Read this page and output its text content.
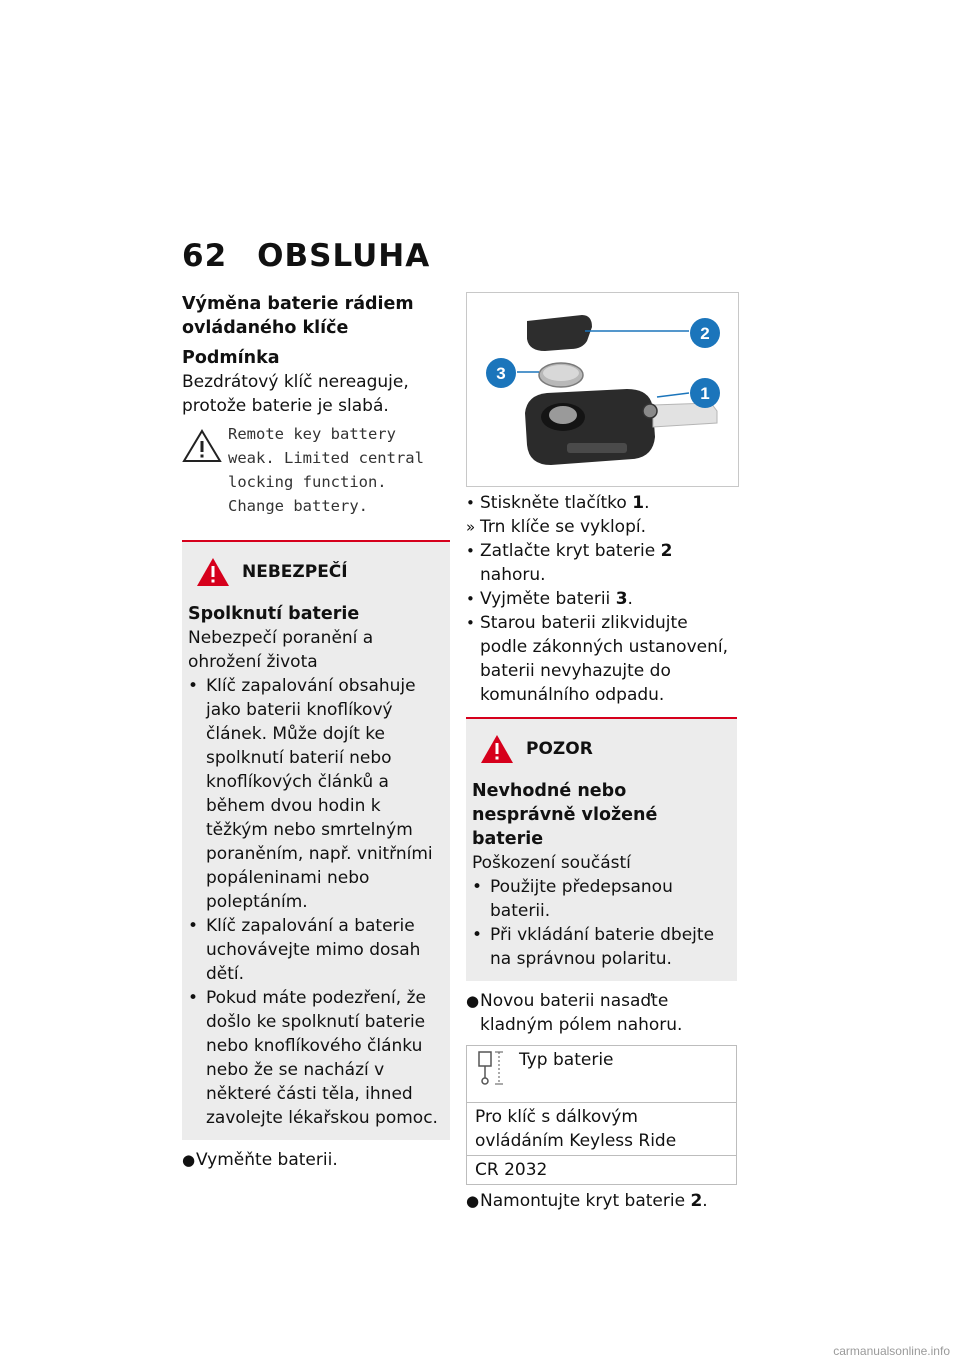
62 OBSLUHA

Výměna baterie rádiem ovládaného klíče

Podmínka

Bezdrátový klíč nereaguje, protože baterie je slabá.

Remote key battery weak. Limited central locking function. Change battery.
NEBEZPEČÍ

Spolknutí baterie

Nebezpečí poranění a ohrožení života

• Klíč zapalování obsahuje jako baterii knoflíkový článek. Může dojít ke spolknutí baterií nebo knoflíkových článků a během dvou hodin k těžkým nebo smrtelným poraněním, např. vnitřními popáleninami nebo poleptáním.

• Klíč zapalování a baterie uchovávejte mimo dosah dětí.

• Pokud máte podezření, že došlo ke spolknutí baterie nebo knoflíkového článku nebo že se nachází v některé části těla, ihned zavolejte lékařskou pomoc.

●Vyměňte baterii.

2
3
1

• Stiskněte tlačítko 1.

» Trn klíče se vyklopí.

• Zatlačte kryt baterie 2 nahoru.

• Vyjměte baterii 3.

• Starou baterii zlikvidujte podle zákonných ustanovení, baterii nevyhazujte do komunálního odpadu.

POZOR

Nevhodné nebo nesprávně vložené baterie

Poškození součástí

• Použijte předepsanou baterii.

• Při vkládání baterie dbejte na správnou polaritu.

●Novou baterii nasaďte kladným pólem nahoru.

Typ baterie
Pro klíč s dálkovým ovládáním Keyless Ride
CR 2032

●Namontujte kryt baterie 2.

carmanualsonline.info
